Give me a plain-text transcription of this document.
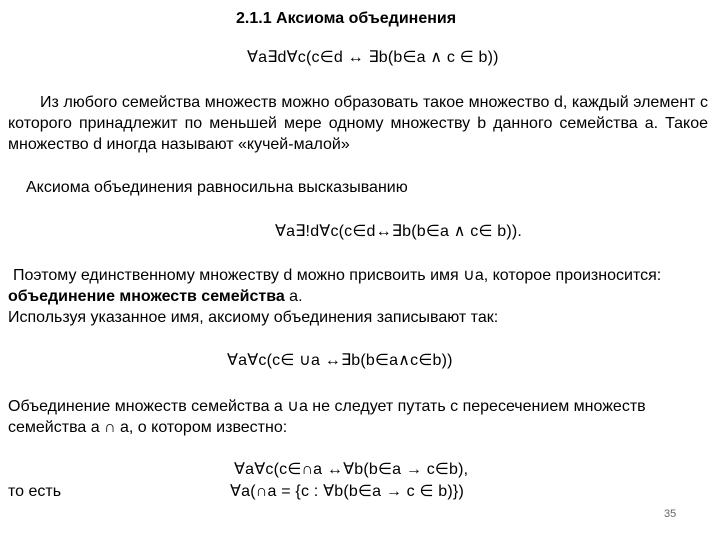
2.1.1 Аксиома объединения
∀a∃d∀c(c∈d ↔ ∃b(b∈a ∧ c ∈ b))
Из любого семейства множеств можно образовать такое множество d, каждый элемент с которого принадлежит по меньшей мере одному множеству b данного семейства a. Такое множество d иногда называют «кучей-малой»
Аксиома объединения равносильна высказыванию
∀a∃!d∀c(c∈d↔∃b(b∈a ∧ c∈ b)).
Поэтому единственному множеству d можно присвоить имя ∪a, которое произносится: объединение множеств семейства a.
Используя указанное имя, аксиому объединения записывают так:
∀a∀c(c∈ ∪a ↔∃b(b∈a∧c∈b))
Объединение множеств семейства a ∪a не следует путать с пересечением множеств семейства a ∩ a, о котором известно:
∀a∀c(c∈∩a ↔∀b(b∈a → c∈b),
то есть	∀a(∩a = {c : ∀b(b∈a → c ∈ b)})
35
